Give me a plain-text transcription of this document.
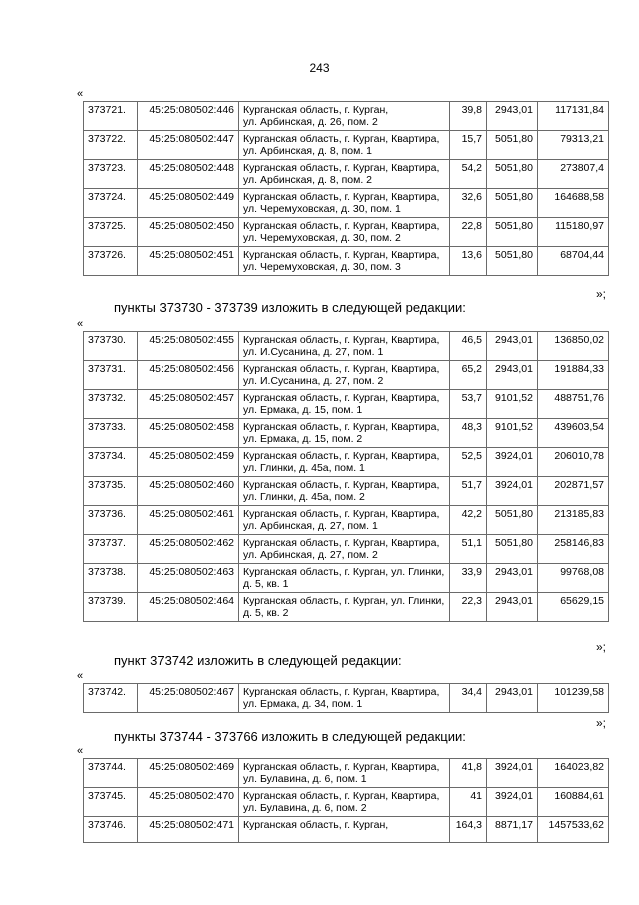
243
«
373721.	45:25:080502:446	Курганская область, г. Курган,
ул. Арбинская, д. 26, пом. 2	39,8	2943,01	117131,84
373722.	45:25:080502:447	Курганская область, г. Курган, Квартира,
ул. Арбинская, д. 8, пом. 1	15,7	5051,80	79313,21
373723.	45:25:080502:448	Курганская область, г. Курган, Квартира,
ул. Арбинская, д. 8, пом. 2	54,2	5051,80	273807,4
373724.	45:25:080502:449	Курганская область, г. Курган, Квартира,
ул. Черемуховская, д. 30, пом. 1	32,6	5051,80	164688,58
373725.	45:25:080502:450	Курганская область, г. Курган, Квартира,
ул. Черемуховская, д. 30, пом. 2	22,8	5051,80	115180,97
373726.	45:25:080502:451	Курганская область, г. Курган, Квартира,
ул. Черемуховская, д. 30, пом. 3	13,6	5051,80	68704,44
»;
пункты 373730 - 373739 изложить в следующей редакции:
«
373730.	45:25:080502:455	Курганская область, г. Курган, Квартира,
ул. И.Сусанина, д. 27, пом. 1	46,5	2943,01	136850,02
373731.	45:25:080502:456	Курганская область, г. Курган, Квартира,
ул. И.Сусанина, д. 27, пом. 2	65,2	2943,01	191884,33
373732.	45:25:080502:457	Курганская область, г. Курган, Квартира,
ул. Ермака, д. 15, пом. 1	53,7	9101,52	488751,76
373733.	45:25:080502:458	Курганская область, г. Курган, Квартира,
ул. Ермака, д. 15, пом. 2	48,3	9101,52	439603,54
373734.	45:25:080502:459	Курганская область, г. Курган, Квартира,
ул. Глинки, д. 45а, пом. 1	52,5	3924,01	206010,78
373735.	45:25:080502:460	Курганская область, г. Курган, Квартира,
ул. Глинки, д. 45а, пом. 2	51,7	3924,01	202871,57
373736.	45:25:080502:461	Курганская область, г. Курган, Квартира,
ул. Арбинская, д. 27, пом. 1	42,2	5051,80	213185,83
373737.	45:25:080502:462	Курганская область, г. Курган, Квартира,
ул. Арбинская, д. 27, пом. 2	51,1	5051,80	258146,83
373738.	45:25:080502:463	Курганская область, г. Курган, ул. Глинки,
д. 5, кв. 1	33,9	2943,01	99768,08
373739.	45:25:080502:464	Курганская область, г. Курган, ул. Глинки,
д. 5, кв. 2	22,3	2943,01	65629,15
»;
пункт 373742 изложить в следующей редакции:
«
373742.	45:25:080502:467	Курганская область, г. Курган, Квартира,
ул. Ермака, д. 34, пом. 1
	34,4	2943,01	101239,58
»;
пункты 373744 - 373766 изложить в следующей редакции:
«
373744.	45:25:080502:469	Курганская область, г. Курган, Квартира,
ул. Булавина, д. 6, пом. 1	41,8	3924,01	164023,82
373745.	45:25:080502:470	Курганская область, г. Курган, Квартира,
ул. Булавина, д. 6, пом. 2	41	3924,01	160884,61
373746.	45:25:080502:471	Курганская область, г. Курган,	164,3	8871,17	1457533,62
